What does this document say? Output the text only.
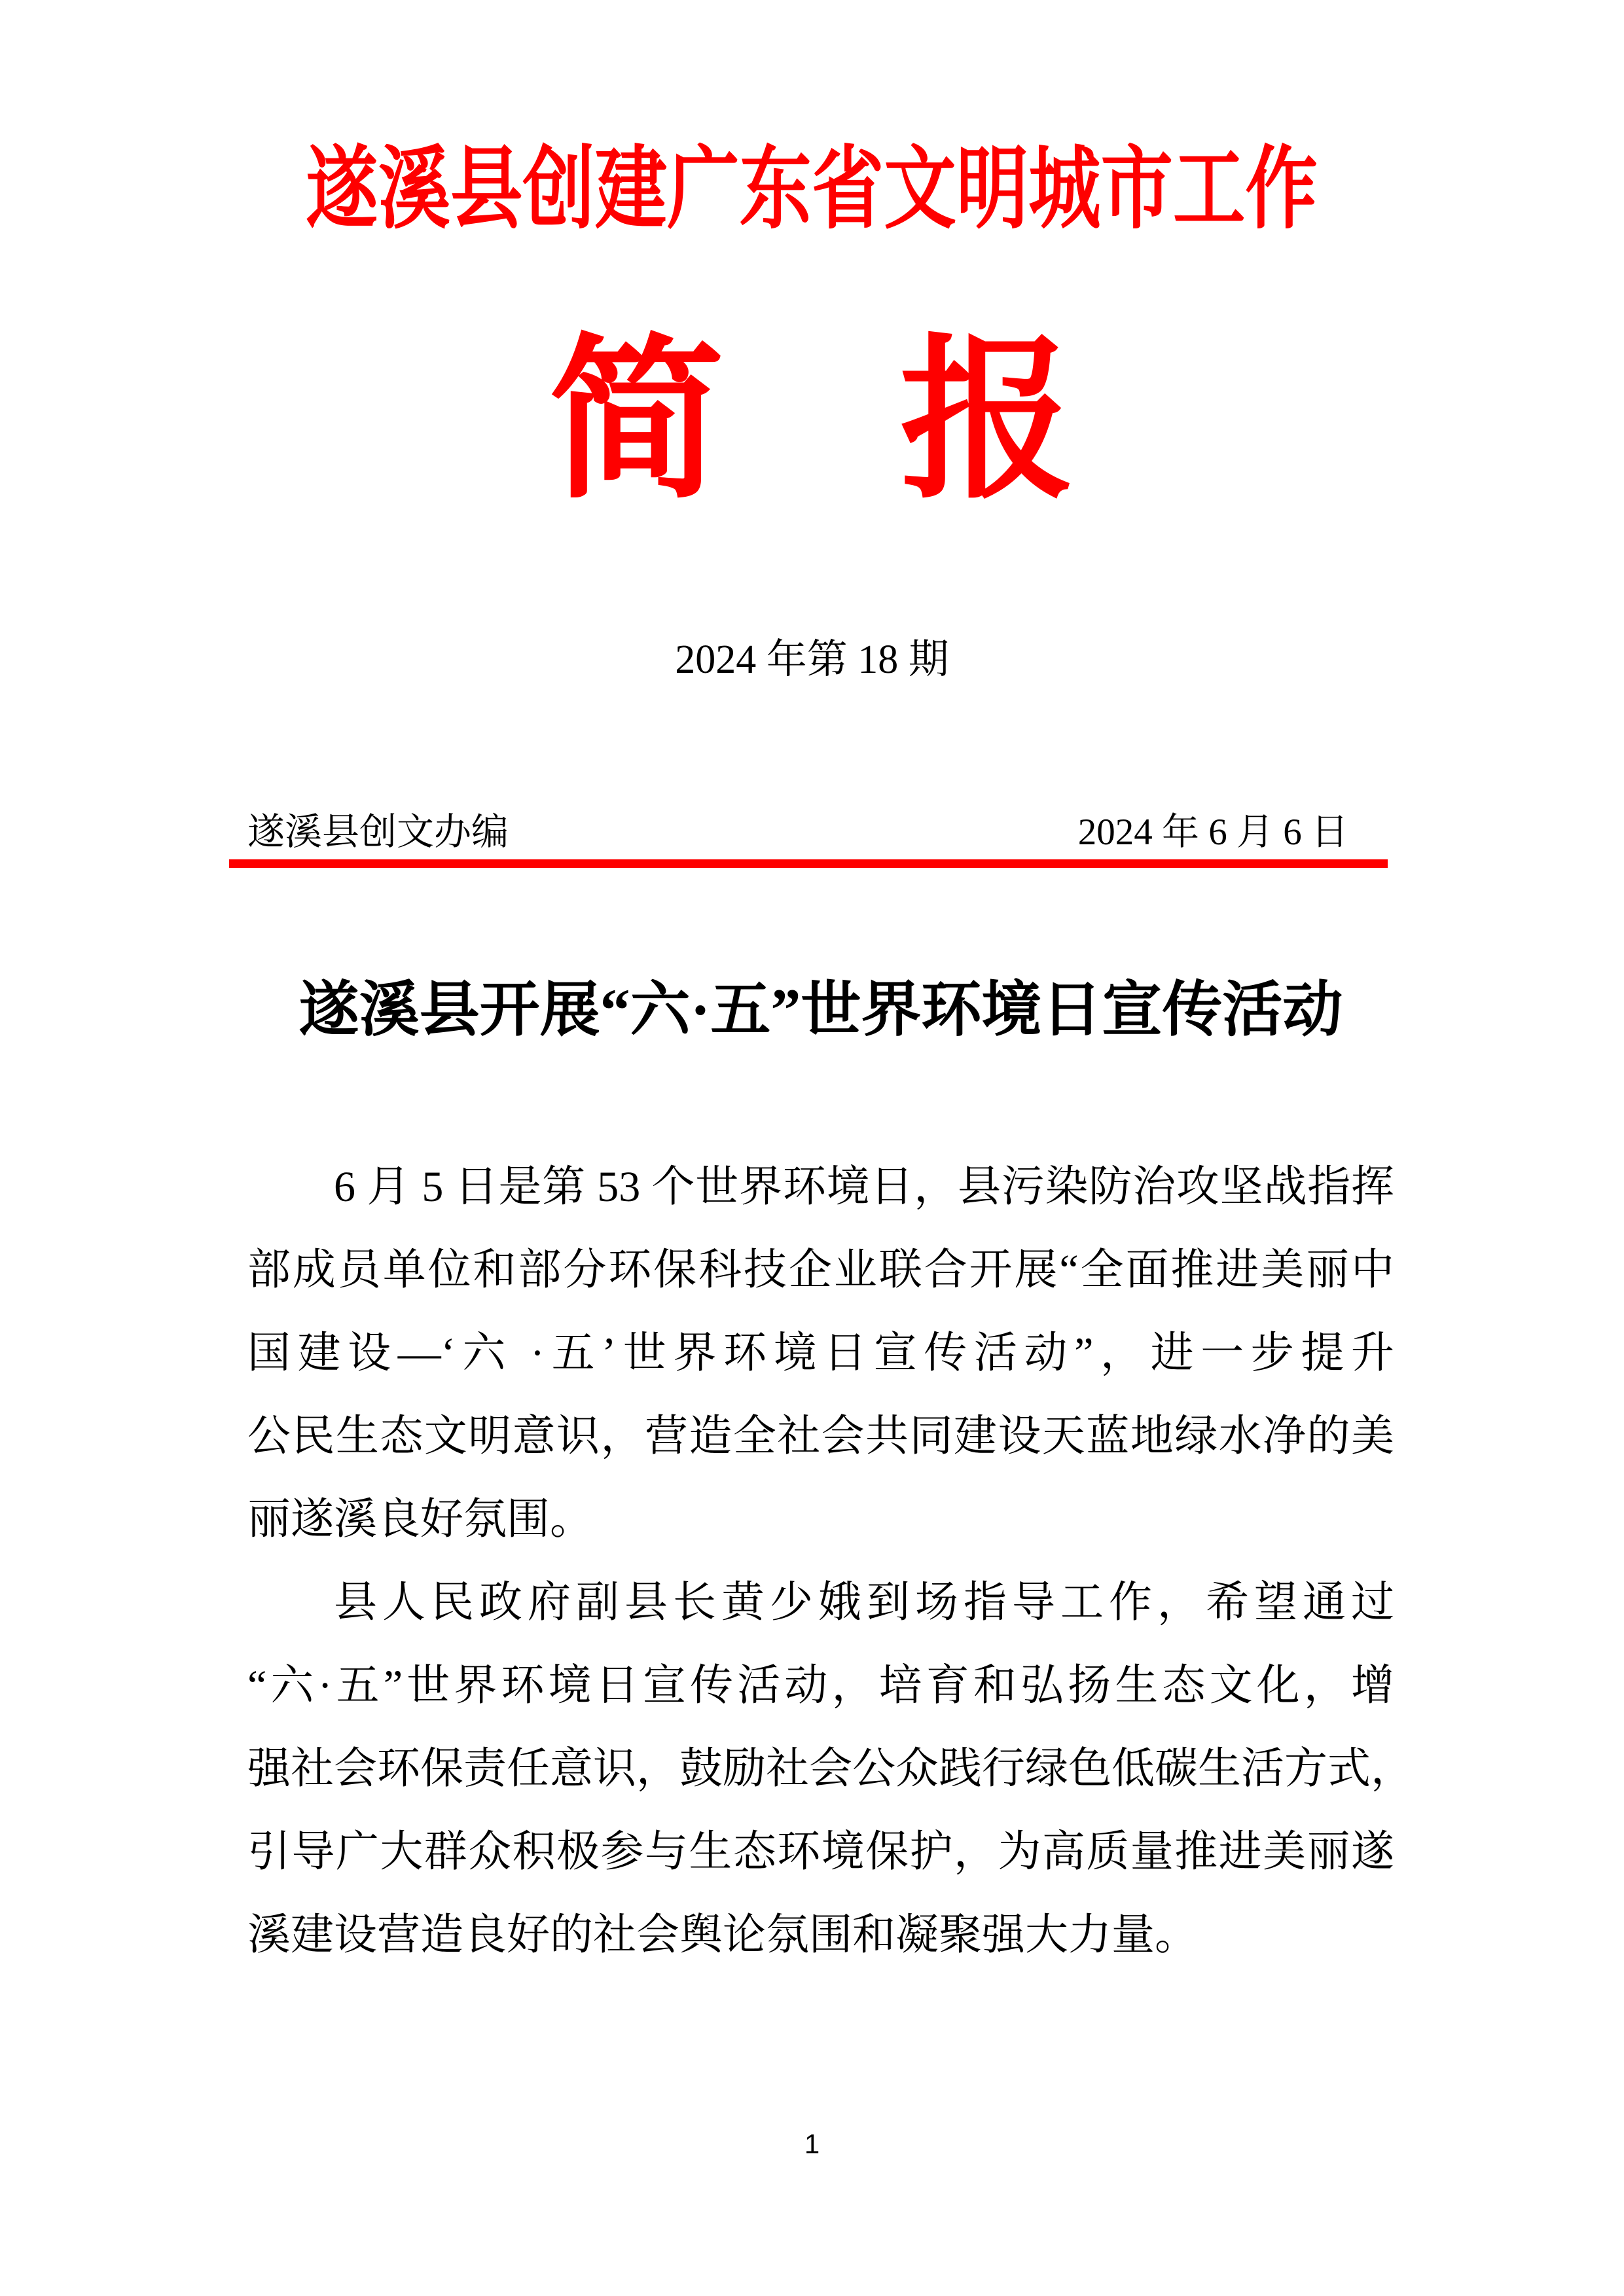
遂溪县创建广东省文明城市工作
简　报
2024 年第 18 期
遂溪县创文办编	2024 年 6 月 6 日
遂溪县开展“六·五”世界环境日宣传活动

6 月 5 日是第 53 个世界环境日，县污染防治攻坚战指挥

部成员单位和部分环保科技企业联合开展“全面推进美丽中

国建设—‘六 ·五’世界环境日宣传活动”，进一步提升

公民生态文明意识，营造全社会共同建设天蓝地绿水净的美

丽遂溪良好氛围。

县人民政府副县长黄少娥到场指导工作，希望通过

“六·五”世界环境日宣传活动，培育和弘扬生态文化，增

强社会环保责任意识，鼓励社会公众践行绿色低碳生活方式，

引导广大群众积极参与生态环境保护，为高质量推进美丽遂

溪建设营造良好的社会舆论氛围和凝聚强大力量。

1
